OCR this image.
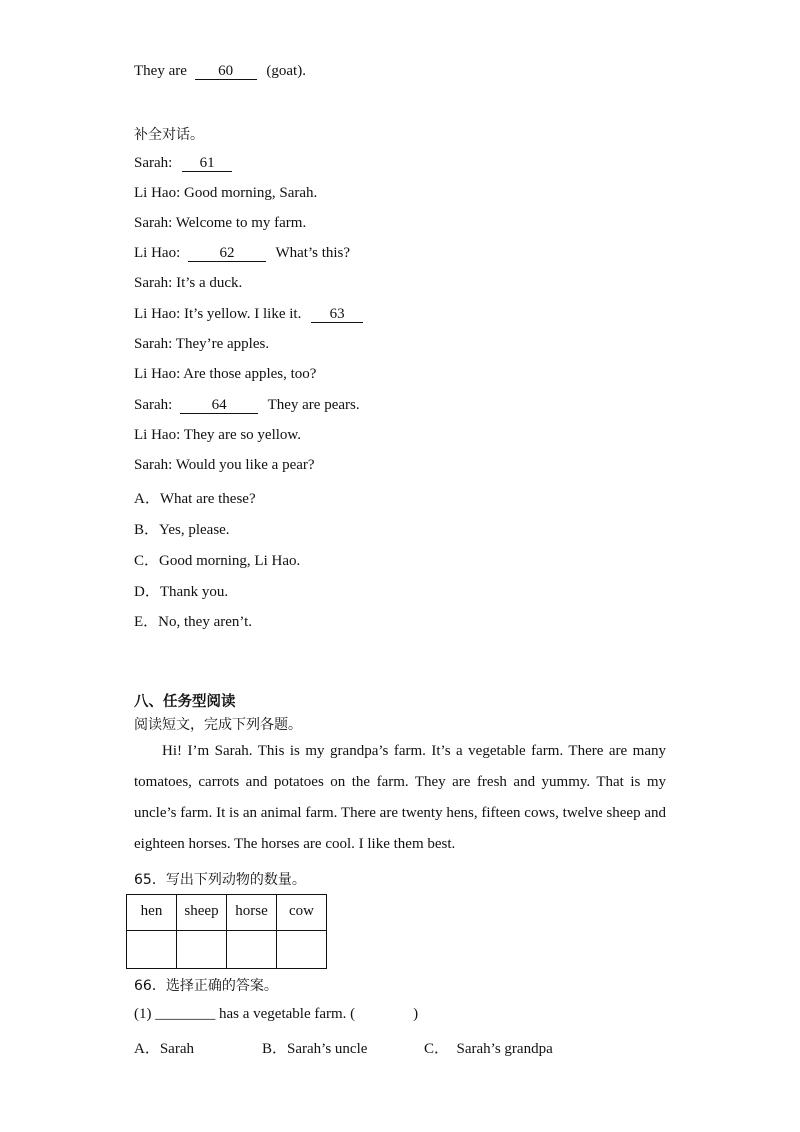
They are 60 (goat).
补全对话。
Sarah: 61
Li Hao: Good morning, Sarah.
Sarah: Welcome to my farm.
Li Hao:	62	What’s this?
Sarah: It’s a duck.
Li Hao: It’s yellow. I like it. 63
Sarah: They’re apples.
Li Hao: Are those apples, too?
Sarah:	64	They are pears.
Li Hao: They are so yellow.
Sarah: Would you like a pear?
A．What are these?
B．Yes, please.
C．Good morning, Li Hao.
D．Thank you.
E．No, they aren’t.
八、任务型阅读
阅读短文，完成下列各题。
Hi! I’m Sarah. This is my grandpa’s farm. It’s a vegetable farm. There are many tomatoes, carrots and potatoes on the farm. They are fresh and yummy. That is my uncle’s farm. It is an animal farm. There are twenty hens, fifteen cows, twelve sheep and eighteen horses. The horses are cool. I like them best.
65．写出下列动物的数量。
hen	sheep	horse	cow

66．选择正确的答案。
(1) ________ has a vegetable farm. (	)
A．Sarah	B．Sarah’s uncle	C．　Sarah’s grandpa
